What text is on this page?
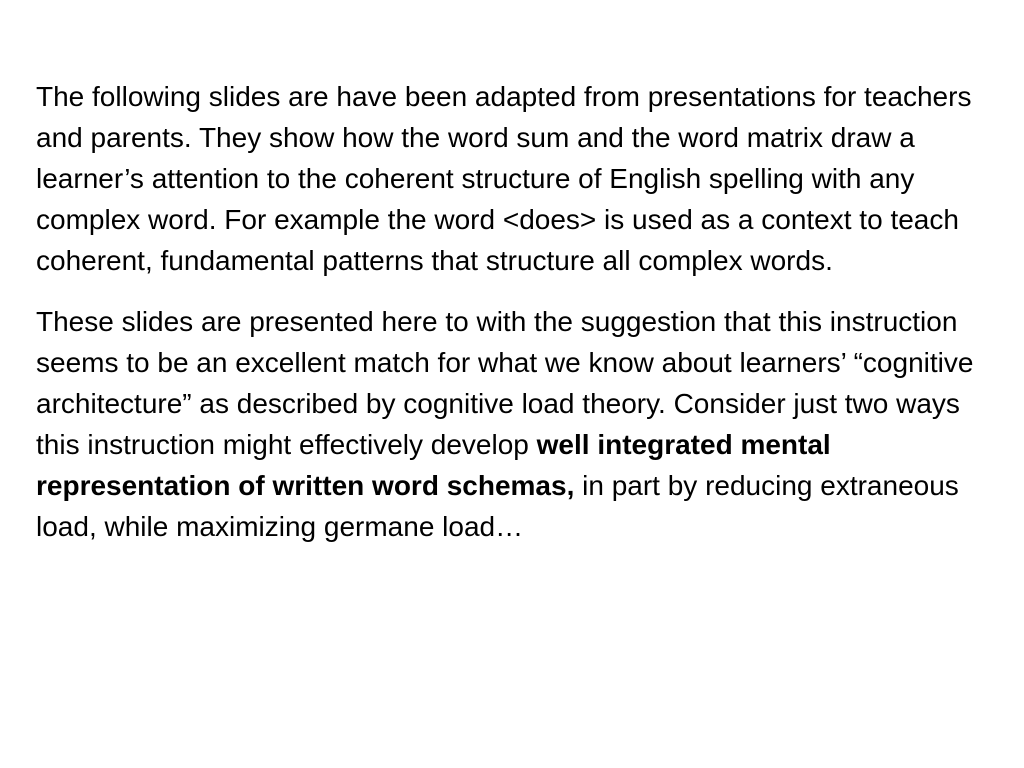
The following slides are have been adapted from presentations for teachers and parents. They show how the word sum and the word matrix draw a learner’s attention to the coherent structure of English spelling with any complex word. For example the word <does> is used as a context to teach coherent, fundamental patterns that structure all complex words.

These slides are presented here to with the suggestion that this instruction seems to be an excellent match for what we know about learners’ “cognitive architecture” as described by cognitive load theory. Consider just two ways this instruction might effectively develop well integrated mental representation of written word schemas, in part by reducing extraneous load, while maximizing germane load…
